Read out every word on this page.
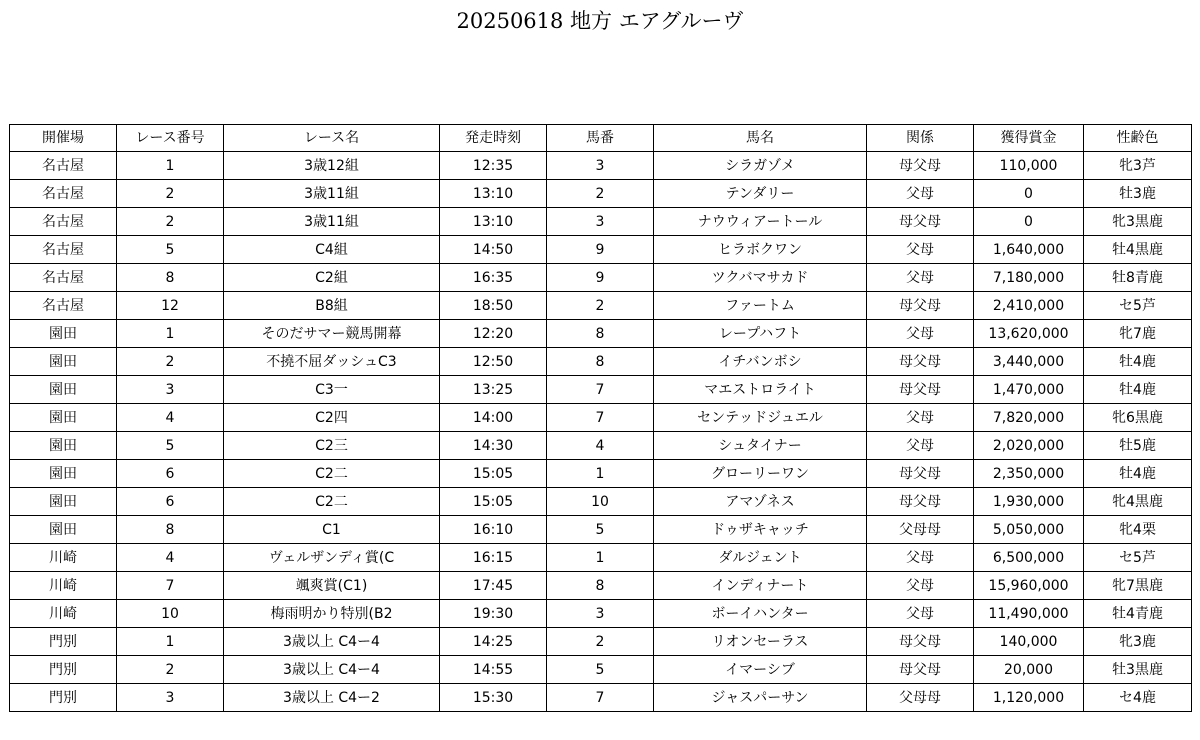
20250618 地方 エアグルーヴ
開催場	レース番号	レース名	発走時刻	馬番	馬名	関係	獲得賞金	性齢色
名古屋	1	3歳12組	12:35	3	シラガゾメ	母父母	110,000	牝3芦
名古屋	2	3歳11組	13:10	2	テンダリー	父母	0	牡3鹿
名古屋	2	3歳11組	13:10	3	ナウウィアートール	母父母	0	牝3黒鹿
名古屋	5	C4組	14:50	9	ヒラボクワン	父母	1,640,000	牡4黒鹿
名古屋	8	C2組	16:35	9	ツクバマサカド	父母	7,180,000	牡8青鹿
名古屋	12	B8組	18:50	2	ファートム	母父母	2,410,000	セ5芦
園田	1	そのだサマー競馬開幕	12:20	8	レープハフト	父母	13,620,000	牝7鹿
園田	2	不撓不屈ダッシュC3	12:50	8	イチバンボシ	母父母	3,440,000	牡4鹿
園田	3	C3一	13:25	7	マエストロライト	母父母	1,470,000	牡4鹿
園田	4	C2四	14:00	7	センテッドジュエル	父母	7,820,000	牝6黒鹿
園田	5	C2三	14:30	4	シュタイナー	父母	2,020,000	牡5鹿
園田	6	C2二	15:05	1	グローリーワン	母父母	2,350,000	牡4鹿
園田	6	C2二	15:05	10	アマゾネス	母父母	1,930,000	牝4黒鹿
園田	8	C1	16:10	5	ドゥザキャッチ	父母母	5,050,000	牝4栗
川崎	4	ヴェルザンディ賞(C	16:15	1	ダルジェント	父母	6,500,000	セ5芦
川崎	7	颯爽賞(C1)	17:45	8	インディナート	父母	15,960,000	牝7黒鹿
川崎	10	梅雨明かり特別(B2	19:30	3	ボーイハンター	父母	11,490,000	牡4青鹿
門別	1	3歳以上 C4ー4	14:25	2	リオンセーラス	母父母	140,000	牝3鹿
門別	2	3歳以上 C4ー4	14:55	5	イマーシブ	母父母	20,000	牡3黒鹿
門別	3	3歳以上 C4ー2	15:30	7	ジャスパーサン	父母母	1,120,000	セ4鹿
